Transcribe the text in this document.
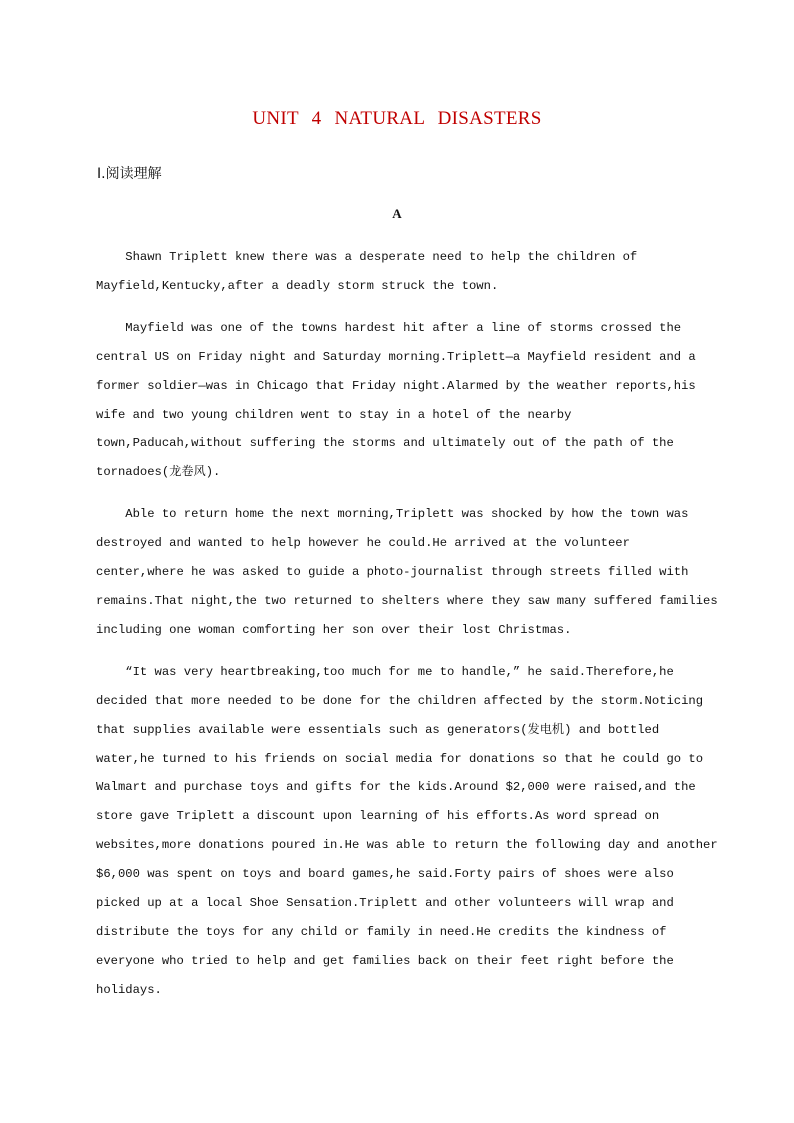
UNIT 4 NATURAL DISASTERS
Ⅰ.阅读理解
A
Shawn Triplett knew there was a desperate need to help the children of
Mayfield,Kentucky,after a deadly storm struck the town.
Mayfield was one of the towns hardest hit after a line of storms crossed the
central US on Friday night and Saturday morning.Triplett—a Mayfield resident and a
former soldier—was in Chicago that Friday night.Alarmed by the weather reports,his
wife and two young children went to stay in a hotel of the nearby
town,Paducah,without suffering the storms and ultimately out of the path of the
tornadoes(龙卷风).
Able to return home the next morning,Triplett was shocked by how the town was
destroyed and wanted to help however he could.He arrived at the volunteer
center,where he was asked to guide a photo-journalist through streets filled with
remains.That night,the two returned to shelters where they saw many suffered families
including one woman comforting her son over their lost Christmas.
“It was very heartbreaking,too much for me to handle,” he said.Therefore,he
decided that more needed to be done for the children affected by the storm.Noticing
that supplies available were essentials such as generators(发电机) and bottled
water,he turned to his friends on social media for donations so that he could go to
Walmart and purchase toys and gifts for the kids.Around $2,000 were raised,and the
store gave Triplett a discount upon learning of his efforts.As word spread on
websites,more donations poured in.He was able to return the following day and another
$6,000 was spent on toys and board games,he said.Forty pairs of shoes were also
picked up at a local Shoe Sensation.Triplett and other volunteers will wrap and
distribute the toys for any child or family in need.He credits the kindness of
everyone who tried to help and get families back on their feet right before the
holidays.
